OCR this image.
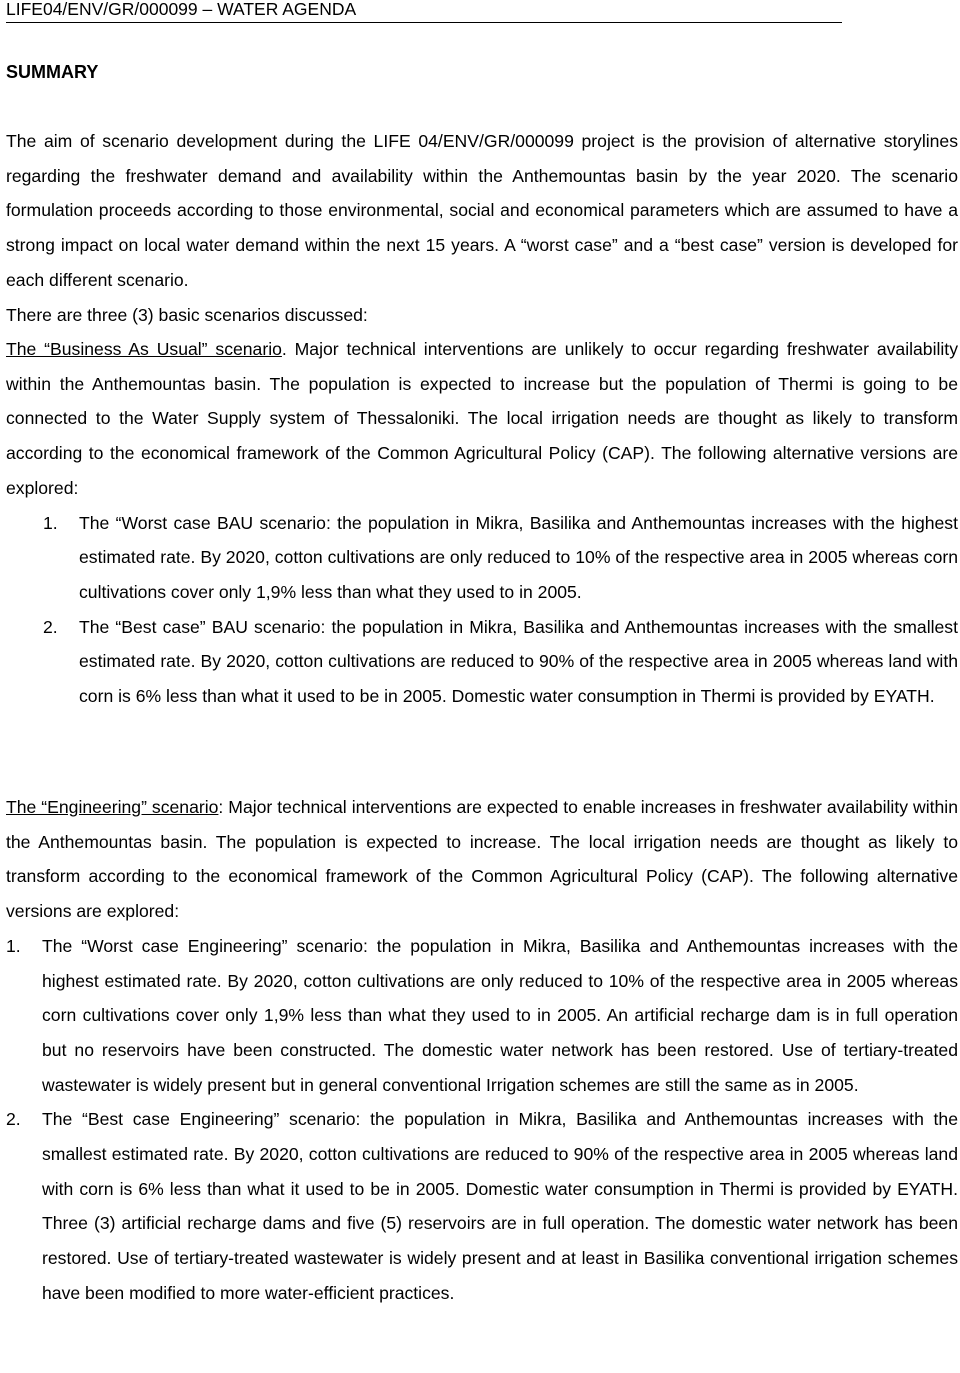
LIFE04/ENV/GR/000099 – WATER AGENDA
SUMMARY

The aim of scenario development during the LIFE 04/ENV/GR/000099 project is the provision of alternative storylines regarding the freshwater demand and availability within the Anthemountas basin by the year 2020. The scenario formulation proceeds according to those environmental, social and economical parameters which are assumed to have a strong impact on local water demand within the next 15 years. A “worst case” and a “best case” version is developed for each different scenario.

There are three (3) basic scenarios discussed:

The “Business As Usual” scenario. Major technical interventions are unlikely to occur regarding freshwater availability within the Anthemountas basin. The population is expected to increase but the population of Thermi is going to be connected to the Water Supply system of Thessaloniki. The local irrigation needs are thought as likely to transform according to the economical framework of the Common Agricultural Policy (CAP). The following alternative versions are explored:

1. The “Worst case BAU scenario: the population in Mikra, Basilika and Anthemountas increases with the highest estimated rate. By 2020, cotton cultivations are only reduced to 10% of the respective area in 2005 whereas corn cultivations cover only 1,9% less than what they used to in 2005.
2. The “Best case” BAU scenario: the population in Mikra, Basilika and Anthemountas increases with the smallest estimated rate. By 2020, cotton cultivations are reduced to 90% of the respective area in 2005 whereas land with corn is 6% less than what it used to be in 2005. Domestic water consumption in Thermi is provided by EYATH.

The “Engineering” scenario: Major technical interventions are expected to enable increases in freshwater availability within the Anthemountas basin. The population is expected to increase. The local irrigation needs are thought as likely to transform according to the economical framework of the Common Agricultural Policy (CAP). The following alternative versions are explored:

1. The “Worst case Engineering” scenario: the population in Mikra, Basilika and Anthemountas increases with the highest estimated rate. By 2020, cotton cultivations are only reduced to 10% of the respective area in 2005 whereas corn cultivations cover only 1,9% less than what they used to in 2005. An artificial recharge dam is in full operation but no reservoirs have been constructed. The domestic water network has been restored. Use of tertiary-treated wastewater is widely present but in general conventional Irrigation schemes are still the same as in 2005.
2. The “Best case Engineering” scenario: the population in Mikra, Basilika and Anthemountas increases with the smallest estimated rate. By 2020, cotton cultivations are reduced to 90% of the respective area in 2005 whereas land with corn is 6% less than what it used to be in 2005. Domestic water consumption in Thermi is provided by EYATH. Three (3) artificial recharge dams and five (5) reservoirs are in full operation. The domestic water network has been restored. Use of tertiary-treated wastewater is widely present and at least in Basilika conventional irrigation schemes have been modified to more water-efficient practices.
